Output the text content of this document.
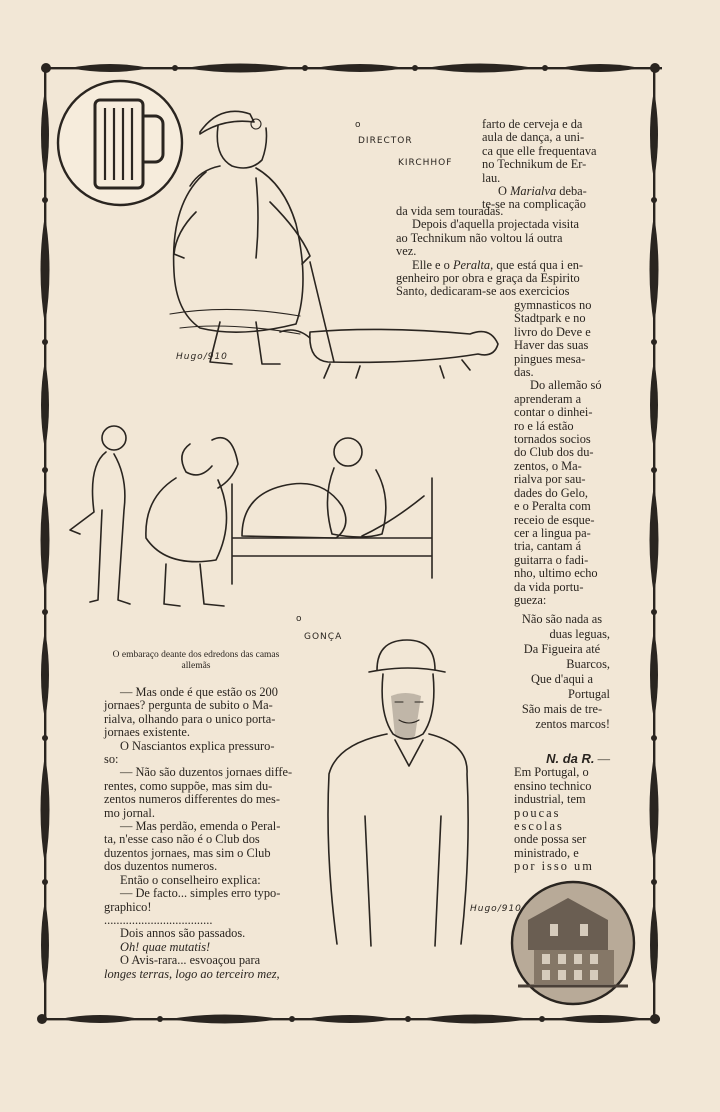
o
DIRECTOR
KIRCHHOF
o
GONÇA
Hugo/910
Hugo/910
O embaraço deante dos edredons das camas
allemãs

farto de cerveja e da

aula de dança, a uni-

ca que elle frequentava

no Technikum de Er-

lau.

O Marialva deba-

te-se na complicação

da vida sem touradas.

Depois d'aquella projectada visita

ao Technikum não voltou lá outra

vez.

Elle e o Peralta, que está qua i en-

genheiro por obra e graça da Espirito

Santo, dedicaram-se aos exercicios

gymnasticos no

Stadtpark e no

livro do Deve e

Haver das suas

pingues mesa-

das.

Do allemão só

aprenderam a

contar o dinhei-

ro e lá estão

tornados socios

do Club dos du-

zentos, o Ma-

rialva por sau-

dades do Gelo,

e o Peralta com

receio de esque-

cer a lingua pa-

tria, cantam á

guitarra o fadi-

nho, ultimo echo

da vida portu-

gueza:

Não são nada as

duas leguas,

Da Figueira até

Buarcos,

Que d'aqui a

Portugal

São mais de tre-

zentos marcos!

N. da R. —

Em Portugal, o

ensino technico

industrial, tem

poucas escolas

onde possa ser

ministrado, e

por isso um

— Mas onde é que estão os 200

jornaes? pergunta de subito o Ma-

rialva, olhando para o unico porta-

jornaes existente.

O Nasciantos explica pressuro-

so:

— Não são duzentos jornaes diffe-

rentes, como suppõe, mas sim du-

zentos numeros differentes do mes-

mo jornal.

— Mas perdão, emenda o Peral-

ta, n'esse caso não é o Club dos

duzentos jornaes, mas sim o Club

dos duzentos numeros.

Então o conselheiro explica:

— De facto... simples erro typo-

graphico!

...................................

Dois annos são passados.

Oh! quae mutatis!

O Avis-rara... esvoaçou para

longes terras, logo ao terceiro mez,
